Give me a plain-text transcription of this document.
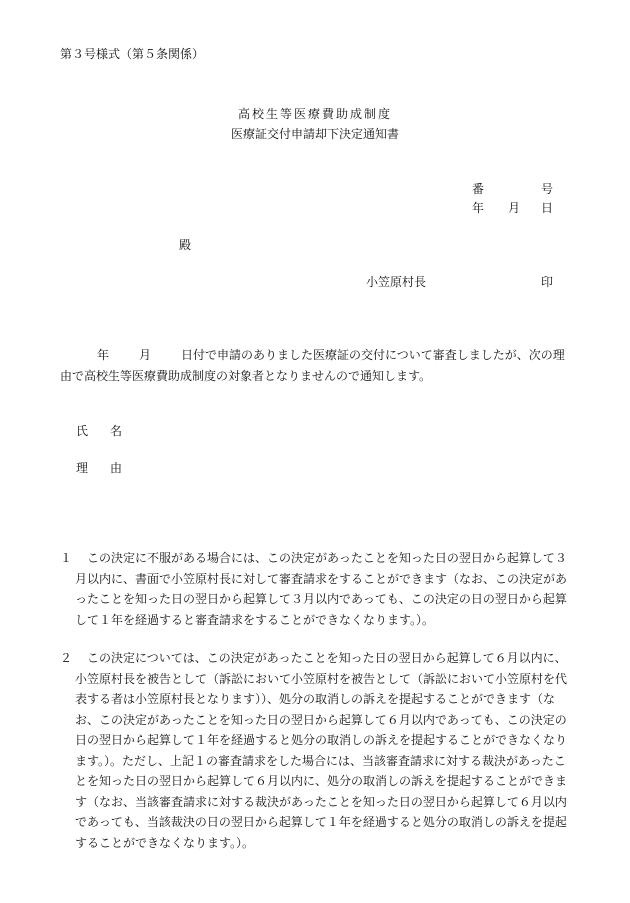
第３号様式（第５条関係）
高校生等医療費助成制度
医療証交付申請却下決定通知書
番	号
年 月 日
殿
小笠原村長	印
年	月	日付で申請のありました医療証の交付について審査しましたが、次の理由で高校生等医療費助成制度の対象者となりませんので通知します。
氏 名
理 由
１	この決定に不服がある場合には、この決定があったことを知った日の翌日から起算して３月以内に、書面で小笠原村長に対して審査請求をすることができます（なお、この決定があったことを知った日の翌日から起算して３月以内であっても、この決定の日の翌日から起算して１年を経過すると審査請求をすることができなくなります。）。
２	この決定については、この決定があったことを知った日の翌日から起算して６月以内に、小笠原村長を被告として（訴訟において小笠原村を被告として（訴訟において小笠原村を代表する者は小笠原村長となります））、処分の取消しの訴えを提起することができます（なお、この決定があったことを知った日の翌日から起算して６月以内であっても、この決定の日の翌日から起算して１年を経過すると処分の取消しの訴えを提起することができなくなります。）。ただし、上記１の審査請求をした場合には、当該審査請求に対する裁決があったことを知った日の翌日から起算して６月以内に、処分の取消しの訴えを提起することができます（なお、当該審査請求に対する裁決があったことを知った日の翌日から起算して６月以内であっても、当該裁決の日の翌日から起算して１年を経過すると処分の取消しの訴えを提起することができなくなります。）。
